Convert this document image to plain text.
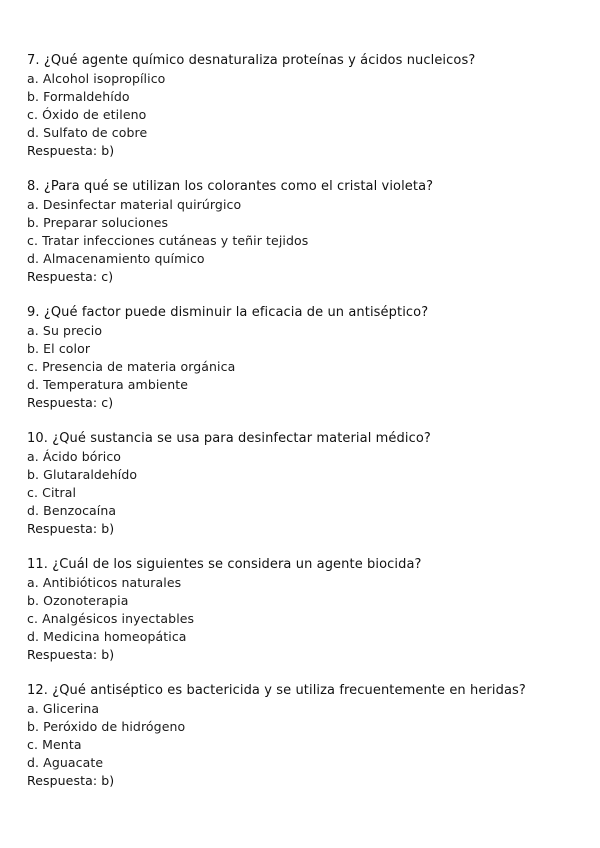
7. ¿Qué agente químico desnaturaliza proteínas y ácidos nucleicos?
a. Alcohol isopropílico
b. Formaldehído
c. Óxido de etileno
d. Sulfato de cobre
Respuesta: b)
8. ¿Para qué se utilizan los colorantes como el cristal violeta?
a. Desinfectar material quirúrgico
b. Preparar soluciones
c. Tratar infecciones cutáneas y teñir tejidos
d. Almacenamiento químico
Respuesta: c)
9. ¿Qué factor puede disminuir la eficacia de un antiséptico?
a. Su precio
b. El color
c. Presencia de materia orgánica
d. Temperatura ambiente
Respuesta: c)
10. ¿Qué sustancia se usa para desinfectar material médico?
a. Ácido bórico
b. Glutaraldehído
c. Citral
d. Benzocaína
Respuesta: b)
11. ¿Cuál de los siguientes se considera un agente biocida?
a. Antibióticos naturales
b. Ozonoterapia
c. Analgésicos inyectables
d. Medicina homeopática
Respuesta: b)
12. ¿Qué antiséptico es bactericida y se utiliza frecuentemente en heridas?
a. Glicerina
b. Peróxido de hidrógeno
c. Menta
d. Aguacate
Respuesta: b)
